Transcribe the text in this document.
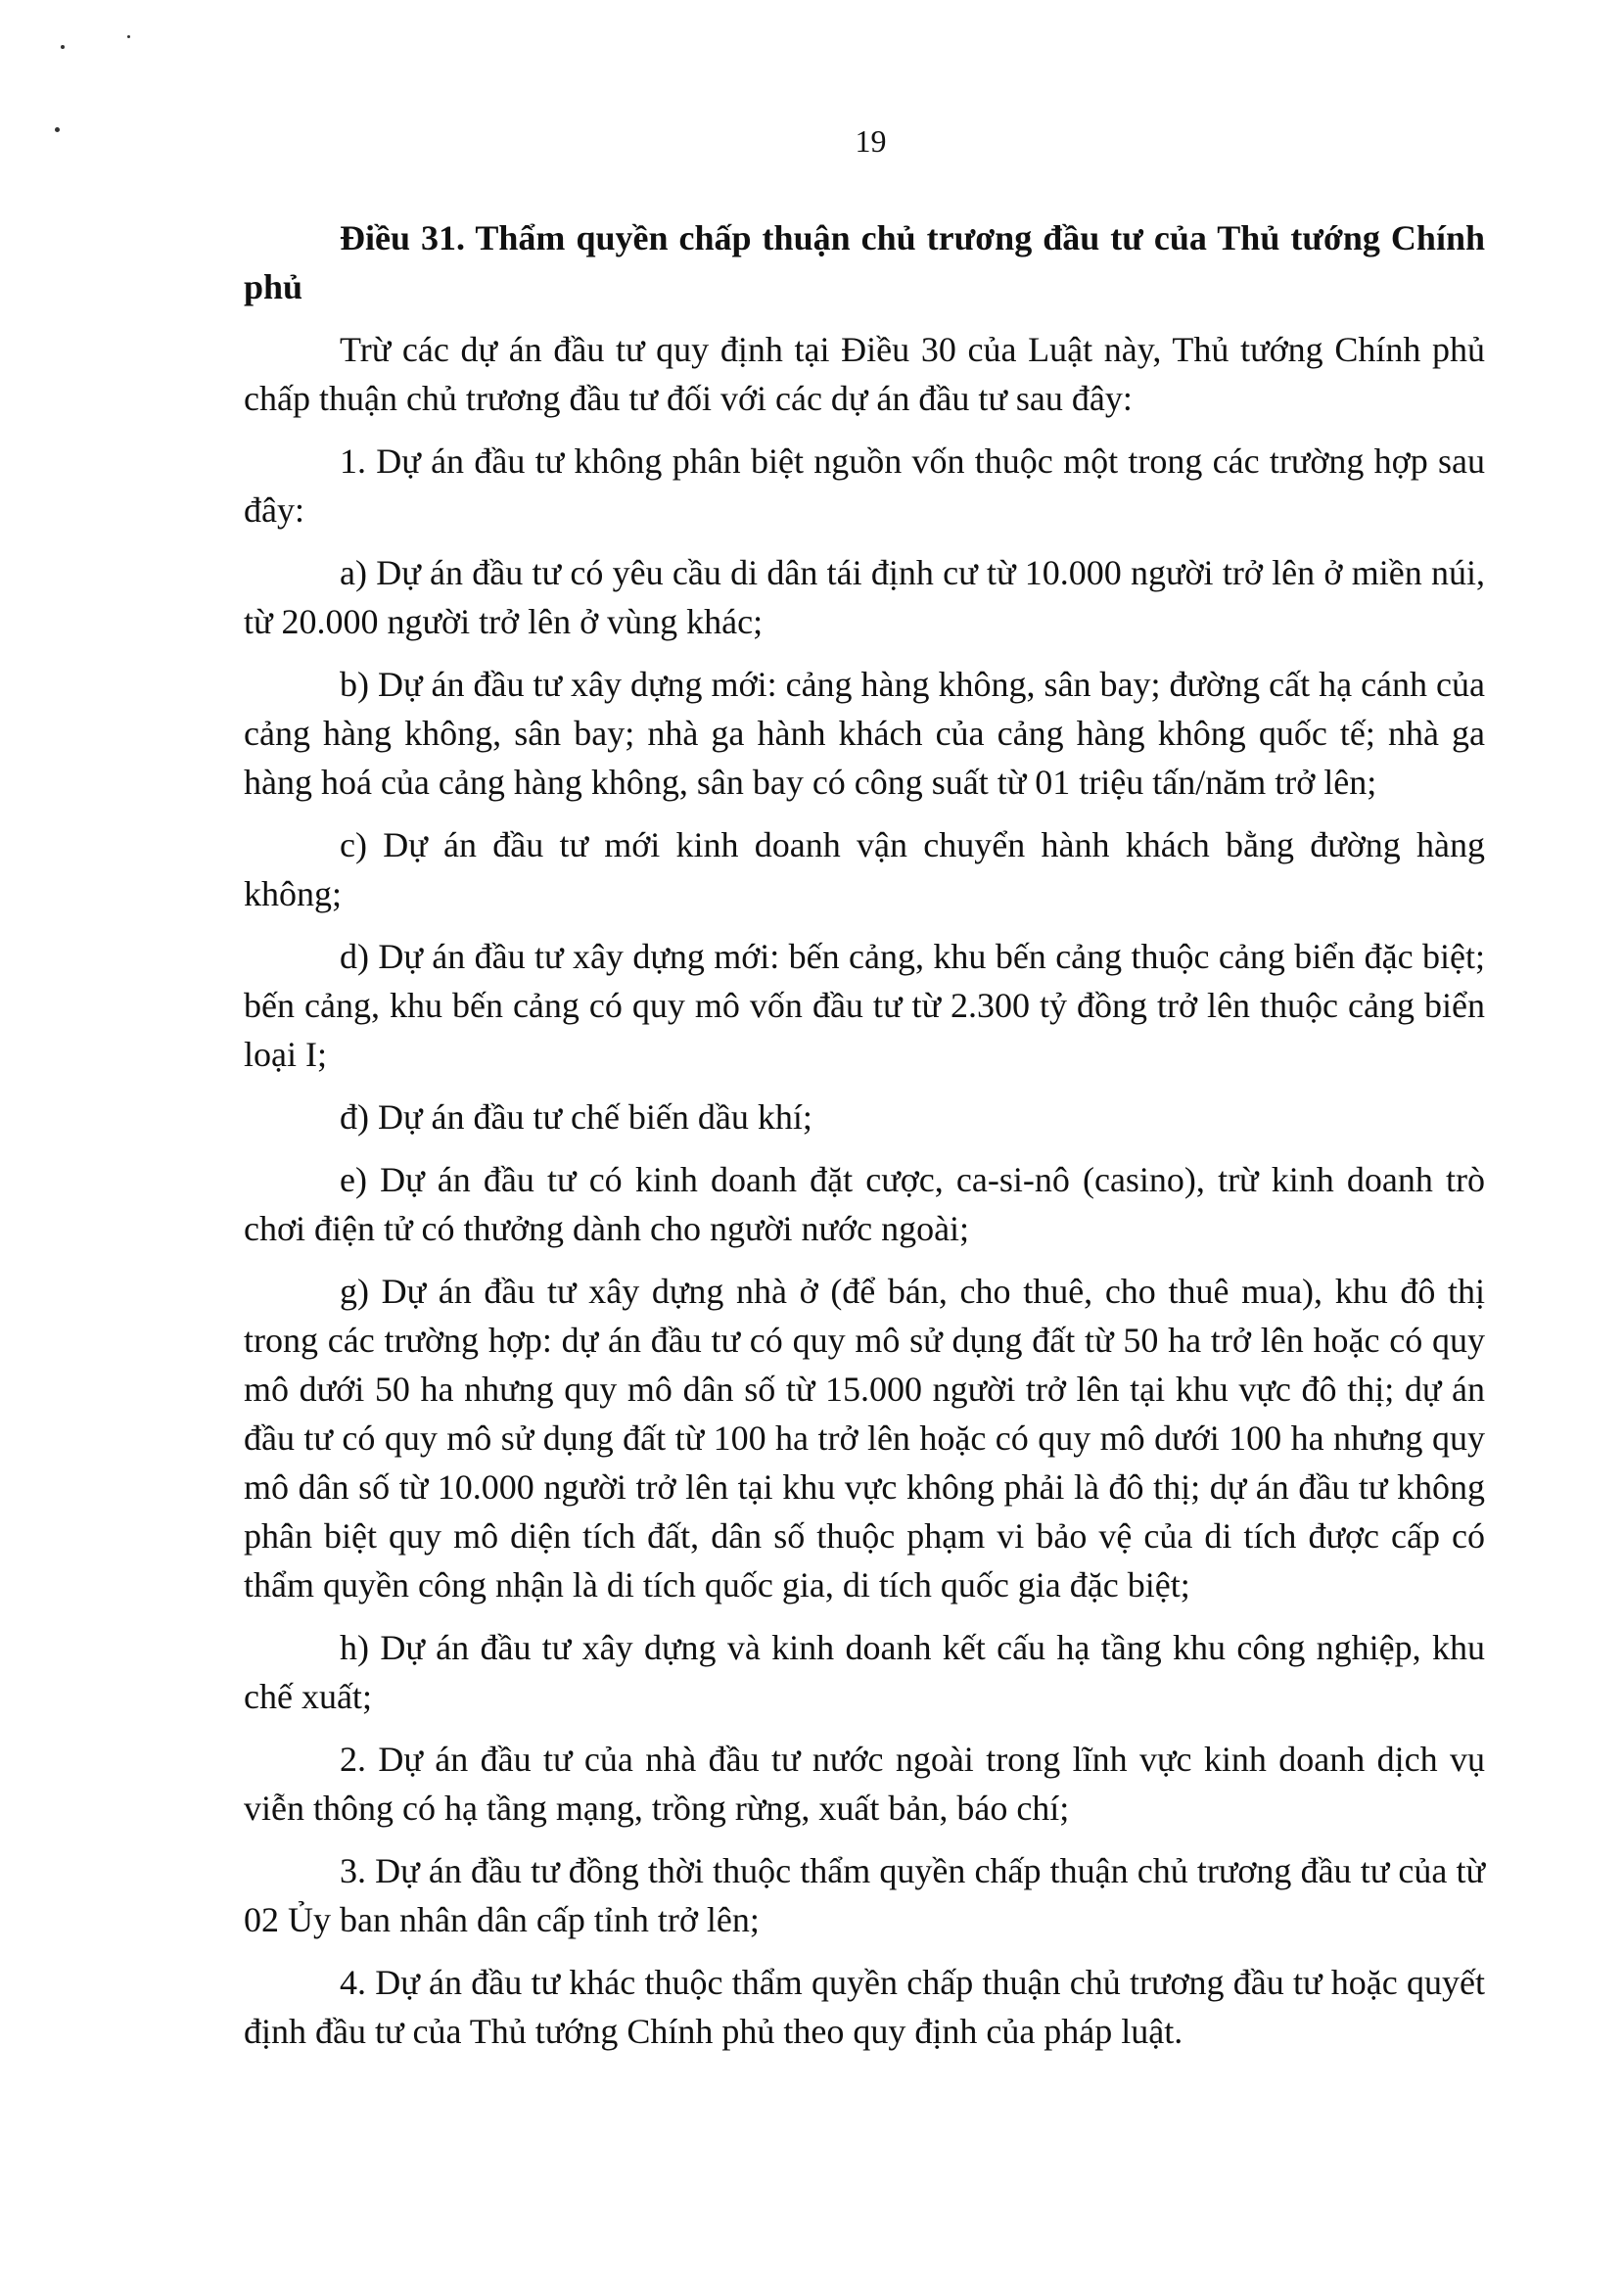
19

Điều 31. Thẩm quyền chấp thuận chủ trương đầu tư của Thủ tướng Chính phủ

Trừ các dự án đầu tư quy định tại Điều 30 của Luật này, Thủ tướng Chính phủ chấp thuận chủ trương đầu tư đối với các dự án đầu tư sau đây:

1. Dự án đầu tư không phân biệt nguồn vốn thuộc một trong các trường hợp sau đây:

a) Dự án đầu tư có yêu cầu di dân tái định cư từ 10.000 người trở lên ở miền núi, từ 20.000 người trở lên ở vùng khác;

b) Dự án đầu tư xây dựng mới: cảng hàng không, sân bay; đường cất hạ cánh của cảng hàng không, sân bay; nhà ga hành khách của cảng hàng không quốc tế; nhà ga hàng hoá của cảng hàng không, sân bay có công suất từ 01 triệu tấn/năm trở lên;

c) Dự án đầu tư mới kinh doanh vận chuyển hành khách bằng đường hàng không;

d) Dự án đầu tư xây dựng mới: bến cảng, khu bến cảng thuộc cảng biển đặc biệt; bến cảng, khu bến cảng có quy mô vốn đầu tư từ 2.300 tỷ đồng trở lên thuộc cảng biển loại I;

đ) Dự án đầu tư chế biến dầu khí;

e) Dự án đầu tư có kinh doanh đặt cược, ca-si-nô (casino), trừ kinh doanh trò chơi điện tử có thưởng dành cho người nước ngoài;

g) Dự án đầu tư xây dựng nhà ở (để bán, cho thuê, cho thuê mua), khu đô thị trong các trường hợp: dự án đầu tư có quy mô sử dụng đất từ 50 ha trở lên hoặc có quy mô dưới 50 ha nhưng quy mô dân số từ 15.000 người trở lên tại khu vực đô thị; dự án đầu tư có quy mô sử dụng đất từ 100 ha trở lên hoặc có quy mô dưới 100 ha nhưng quy mô dân số từ 10.000 người trở lên tại khu vực không phải là đô thị; dự án đầu tư không phân biệt quy mô diện tích đất, dân số thuộc phạm vi bảo vệ của di tích được cấp có thẩm quyền công nhận là di tích quốc gia, di tích quốc gia đặc biệt;

h) Dự án đầu tư xây dựng và kinh doanh kết cấu hạ tầng khu công nghiệp, khu chế xuất;

2. Dự án đầu tư của nhà đầu tư nước ngoài trong lĩnh vực kinh doanh dịch vụ viễn thông có hạ tầng mạng, trồng rừng, xuất bản, báo chí;

3. Dự án đầu tư đồng thời thuộc thẩm quyền chấp thuận chủ trương đầu tư của từ 02 Ủy ban nhân dân cấp tỉnh trở lên;

4. Dự án đầu tư khác thuộc thẩm quyền chấp thuận chủ trương đầu tư hoặc quyết định đầu tư của Thủ tướng Chính phủ theo quy định của pháp luật.
